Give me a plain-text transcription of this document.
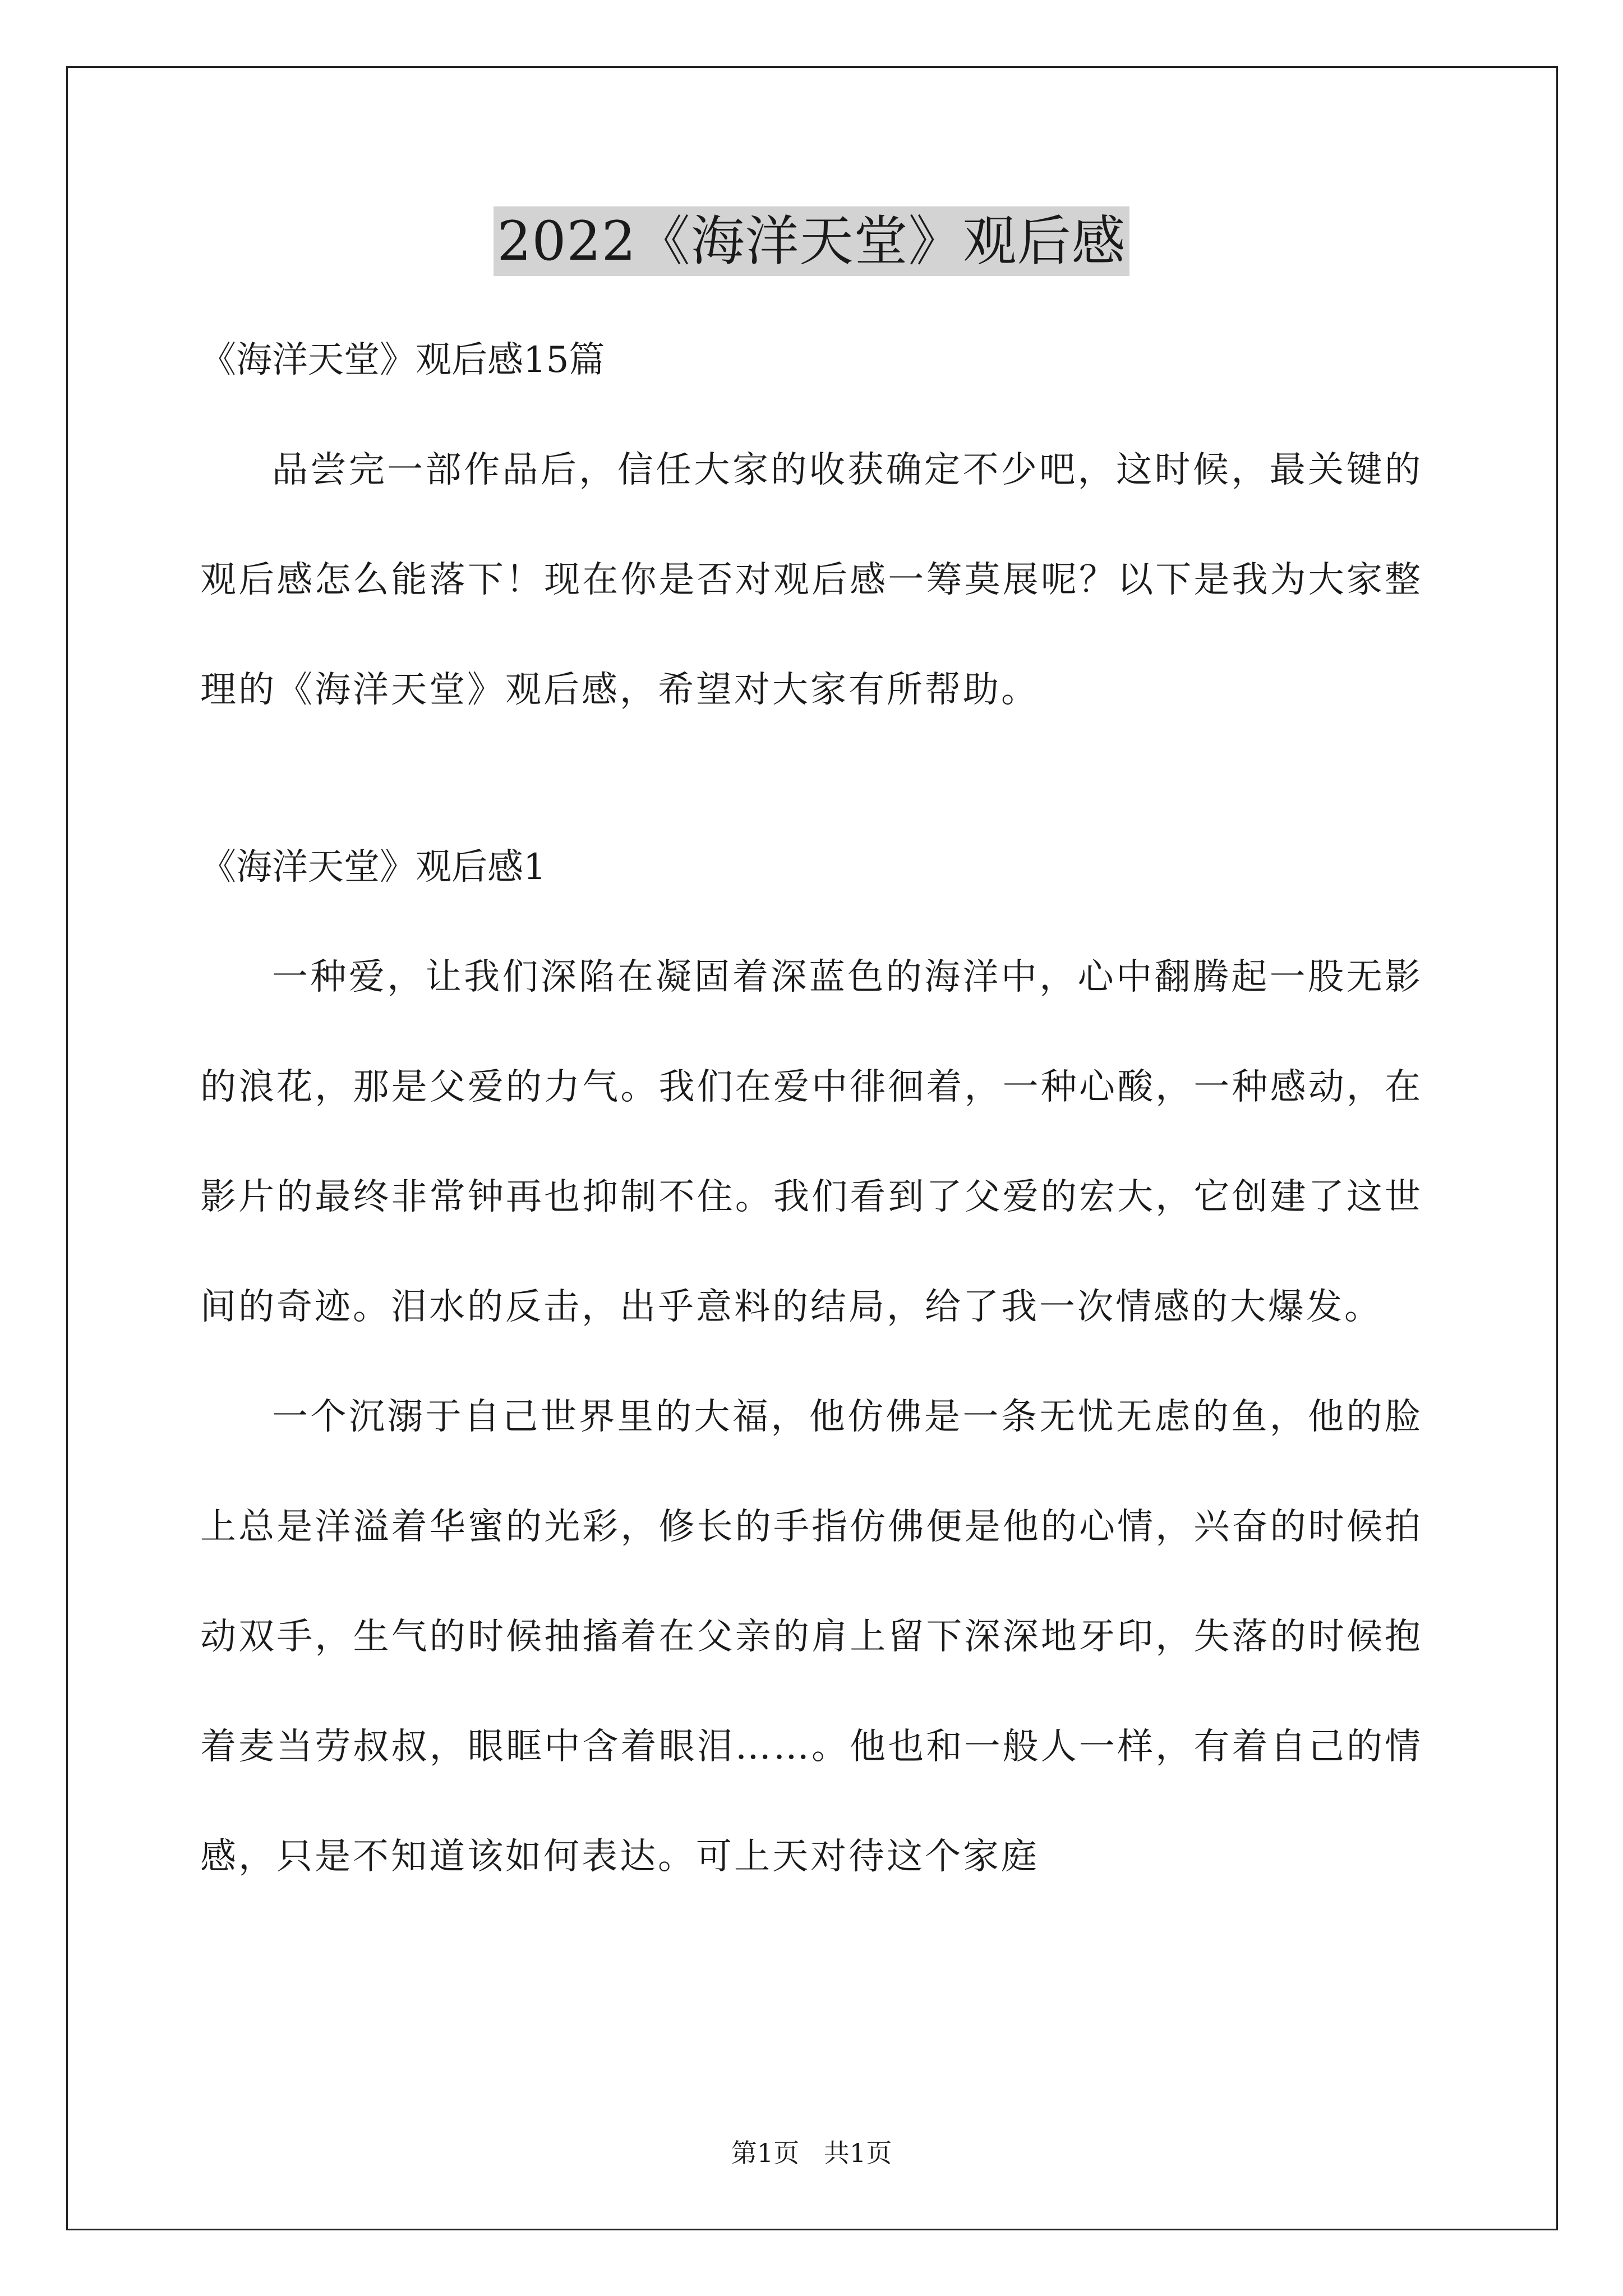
2022《海洋天堂》观后感

《海洋天堂》观后感15篇

品尝完一部作品后，信任大家的收获确定不少吧，这时候，最关键的观后感怎么能落下！现在你是否对观后感一筹莫展呢？以下是我为大家整理的《海洋天堂》观后感，希望对大家有所帮助。

《海洋天堂》观后感1

一种爱，让我们深陷在凝固着深蓝色的海洋中，心中翻腾起一股无影的浪花，那是父爱的力气。我们在爱中徘徊着，一种心酸，一种感动，在影片的最终非常钟再也抑制不住。我们看到了父爱的宏大，它创建了这世间的奇迹。泪水的反击，出乎意料的结局，给了我一次情感的大爆发。

一个沉溺于自己世界里的大福，他仿佛是一条无忧无虑的鱼，他的脸上总是洋溢着华蜜的光彩，修长的手指仿佛便是他的心情，兴奋的时候拍动双手，生气的时候抽搐着在父亲的肩上留下深深地牙印，失落的时候抱着麦当劳叔叔，眼眶中含着眼泪……。他也和一般人一样，有着自己的情感，只是不知道该如何表达。可上天对待这个家庭

第1页   共1页
